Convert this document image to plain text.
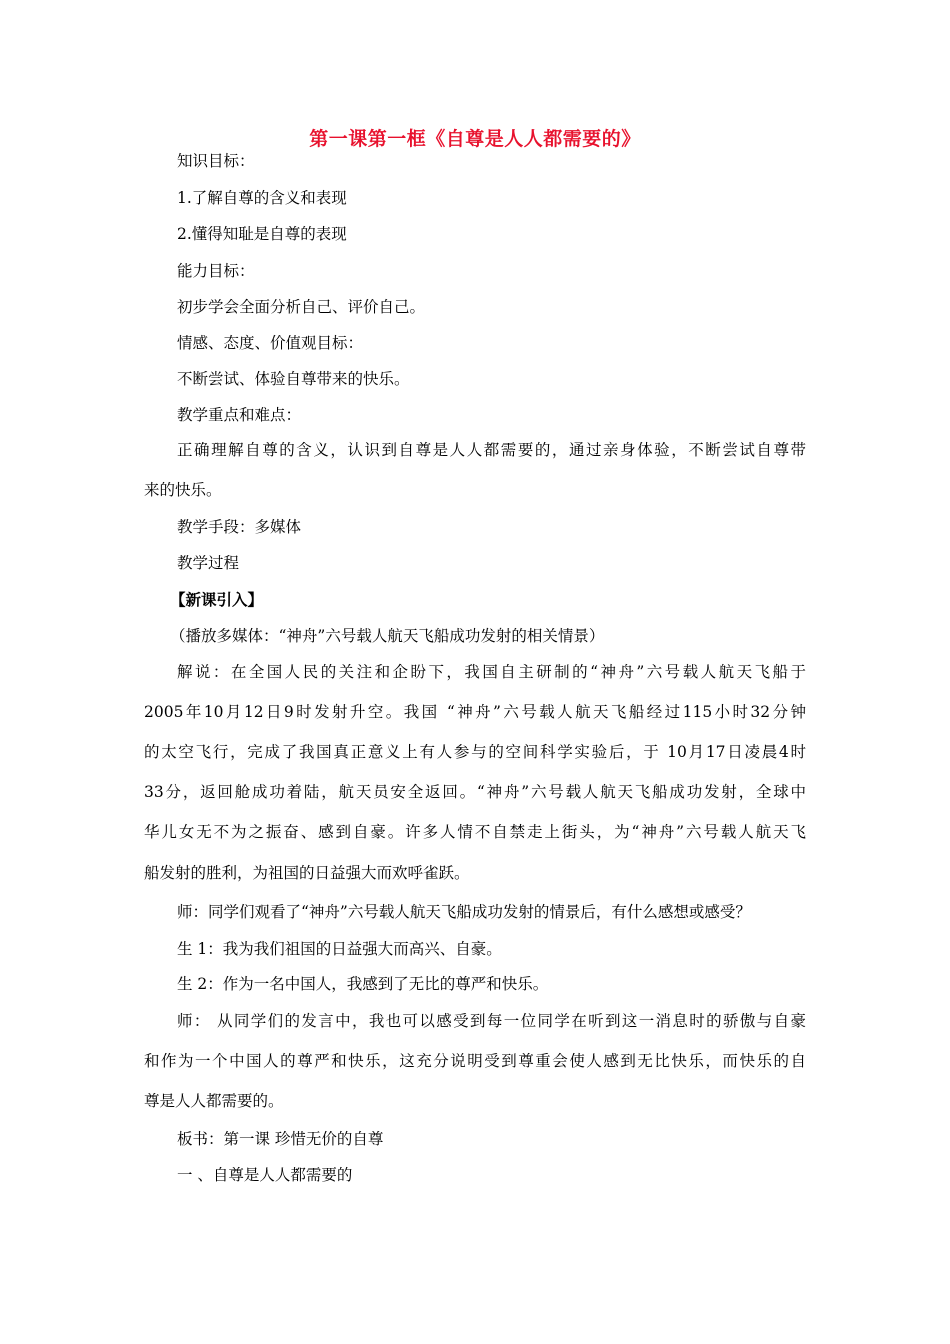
第一课第一框《自尊是人人都需要的》
知识目标：
1.了解自尊的含义和表现
2.懂得知耻是自尊的表现
能力目标：
初步学会全面分析自己、评价自己。
情感、态度、价值观目标：
不断尝试、体验自尊带来的快乐。
教学重点和难点：
正确理解自尊的含义，认识到自尊是人人都需要的，通过亲身体验，不断尝试自尊带
来的快乐。
教学手段：多媒体
教学过程
【新课引入】
（播放多媒体：“神舟”六号载人航天飞船成功发射的相关情景）
解说：在全国人民的关注和企盼下，我国自主研制的“神舟”六号载人航天飞船于
2005年10月12日9时发射升空。我国 “神舟”六号载人航天飞船经过115小时32分钟
的太空飞行，完成了我国真正意义上有人参与的空间科学实验后，于 10月17日凌晨4时
33分，返回舱成功着陆，航天员安全返回。“神舟”六号载人航天飞船成功发射，全球中
华儿女无不为之振奋、感到自豪。许多人情不自禁走上街头，为“神舟”六号载人航天飞
船发射的胜利，为祖国的日益强大而欢呼雀跃。
师：同学们观看了“神舟”六号载人航天飞船成功发射的情景后，有什么感想或感受？
生 1：我为我们祖国的日益强大而高兴、自豪。
生 2：作为一名中国人，我感到了无比的尊严和快乐。
师： 从同学们的发言中，我也可以感受到每一位同学在听到这一消息时的骄傲与自豪
和作为一个中国人的尊严和快乐，这充分说明受到尊重会使人感到无比快乐，而快乐的自
尊是人人都需要的。
板书：第一课 珍惜无价的自尊
一 、自尊是人人都需要的
